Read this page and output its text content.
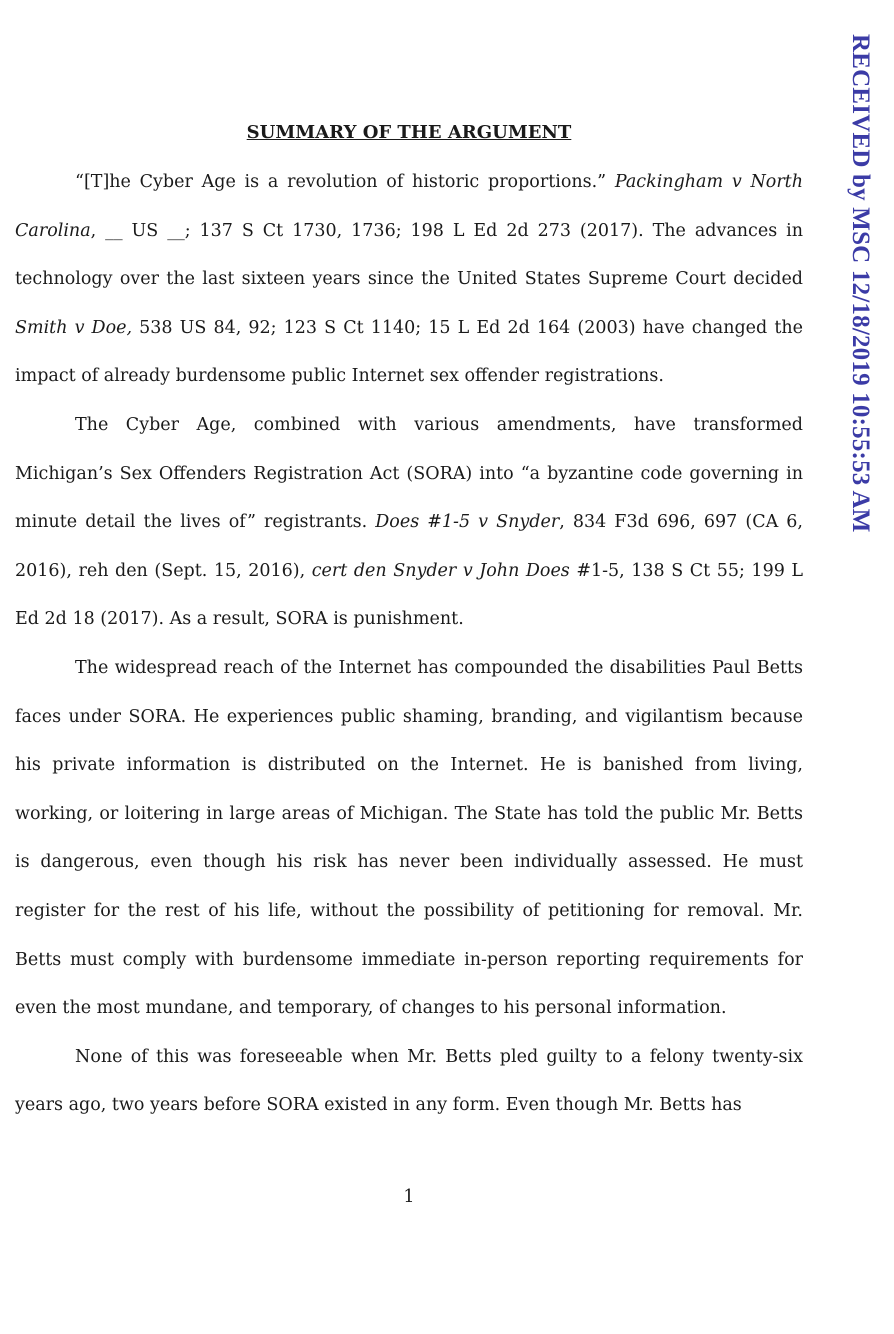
SUMMARY OF THE ARGUMENT

“[T]he Cyber Age is a revolution of historic proportions.” Packingham v North Carolina, __ US __; 137 S Ct 1730, 1736; 198 L Ed 2d 273 (2017). The advances in technology over the last sixteen years since the United States Supreme Court decided Smith v Doe, 538 US 84, 92; 123 S Ct 1140; 15 L Ed 2d 164 (2003) have changed the impact of already burdensome public Internet sex offender registrations.

The Cyber Age, combined with various amendments, have transformed Michigan’s Sex Offenders Registration Act (SORA) into “a byzantine code governing in minute detail the lives of” registrants. Does #1-5 v Snyder, 834 F3d 696, 697 (CA 6, 2016), reh den (Sept. 15, 2016), cert den Snyder v John Does #1-5, 138 S Ct 55; 199 L Ed 2d 18 (2017). As a result, SORA is punishment.

The widespread reach of the Internet has compounded the disabilities Paul Betts faces under SORA. He experiences public shaming, branding, and vigilantism because his private information is distributed on the Internet. He is banished from living, working, or loitering in large areas of Michigan. The State has told the public Mr. Betts is dangerous, even though his risk has never been individually assessed. He must register for the rest of his life, without the possibility of petitioning for removal. Mr. Betts must comply with burdensome immediate in-person reporting requirements for even the most mundane, and temporary, of changes to his personal information.

None of this was foreseeable when Mr. Betts pled guilty to a felony twenty-six years ago, two years before SORA existed in any form. Even though Mr. Betts has

1
RECEIVED by MSC 12/18/2019 10:55:53 AM
